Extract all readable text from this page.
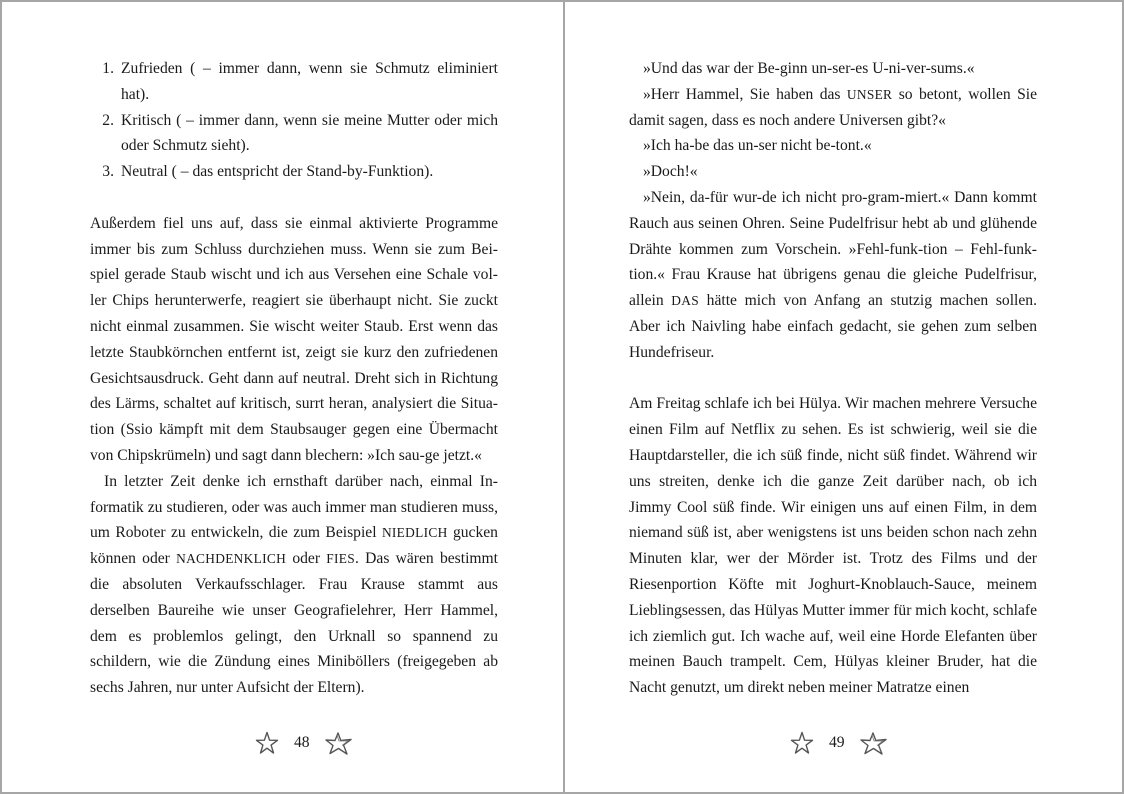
1. Zufrieden ( – immer dann, wenn sie Schmutz eliminiert hat).
2. Kritisch ( – immer dann, wenn sie meine Mutter oder mich oder Schmutz sieht).
3. Neutral ( – das entspricht der Stand-by-Funktion).

Außerdem fiel uns auf, dass sie einmal aktivierte Programme immer bis zum Schluss durchziehen muss. Wenn sie zum Beispiel gerade Staub wischt und ich aus Versehen eine Schale voller Chips herunterwerfe, reagiert sie überhaupt nicht. Sie zuckt nicht einmal zusammen. Sie wischt weiter Staub. Erst wenn das letzte Staubkörnchen entfernt ist, zeigt sie kurz den zufriedenen Gesichtsausdruck. Geht dann auf neutral. Dreht sich in Richtung des Lärms, schaltet auf kritisch, surrt heran, analysiert die Situation (Ssio kämpft mit dem Staubsauger gegen eine Übermacht von Chipskrümeln) und sagt dann blechern: »Ich sau-ge jetzt.«

In letzter Zeit denke ich ernsthaft darüber nach, einmal Informatik zu studieren, oder was auch immer man studieren muss, um Roboter zu entwickeln, die zum Beispiel NIEDLICH gucken können oder NACHDENKLICH oder FIES. Das wären bestimmt die absoluten Verkaufsschlager. Frau Krause stammt aus derselben Baureihe wie unser Geografielehrer, Herr Hammel, dem es problemlos gelingt, den Urknall so spannend zu schildern, wie die Zündung eines Miniböllers (freigegeben ab sechs Jahren, nur unter Aufsicht der Eltern).

48

»Und das war der Be-ginn un-ser-es U-ni-ver-sums.«

»Herr Hammel, Sie haben das UNSER so betont, wollen Sie damit sagen, dass es noch andere Universen gibt?«

»Ich ha-be das un-ser nicht be-tont.«

»Doch!«

»Nein, da-für wur-de ich nicht pro-gram-miert.« Dann kommt Rauch aus seinen Ohren. Seine Pudelfrisur hebt ab und glühende Drähte kommen zum Vorschein. »Fehl-funk-tion – Fehl-funk-tion.« Frau Krause hat übrigens genau die gleiche Pudelfrisur, allein DAS hätte mich von Anfang an stutzig machen sollen. Aber ich Naivling habe einfach gedacht, sie gehen zum selben Hundefriseur.

Am Freitag schlafe ich bei Hülya. Wir machen mehrere Versuche einen Film auf Netflix zu sehen. Es ist schwierig, weil sie die Hauptdarsteller, die ich süß finde, nicht süß findet. Während wir uns streiten, denke ich die ganze Zeit darüber nach, ob ich Jimmy Cool süß finde. Wir einigen uns auf einen Film, in dem niemand süß ist, aber wenigstens ist uns beiden schon nach zehn Minuten klar, wer der Mörder ist. Trotz des Films und der Riesenportion Köfte mit Joghurt-Knoblauch-Sauce, meinem Lieblingsessen, das Hülyas Mutter immer für mich kocht, schlafe ich ziemlich gut. Ich wache auf, weil eine Horde Elefanten über meinen Bauch trampelt. Cem, Hülyas kleiner Bruder, hat die Nacht genutzt, um direkt neben meiner Matratze einen

49
